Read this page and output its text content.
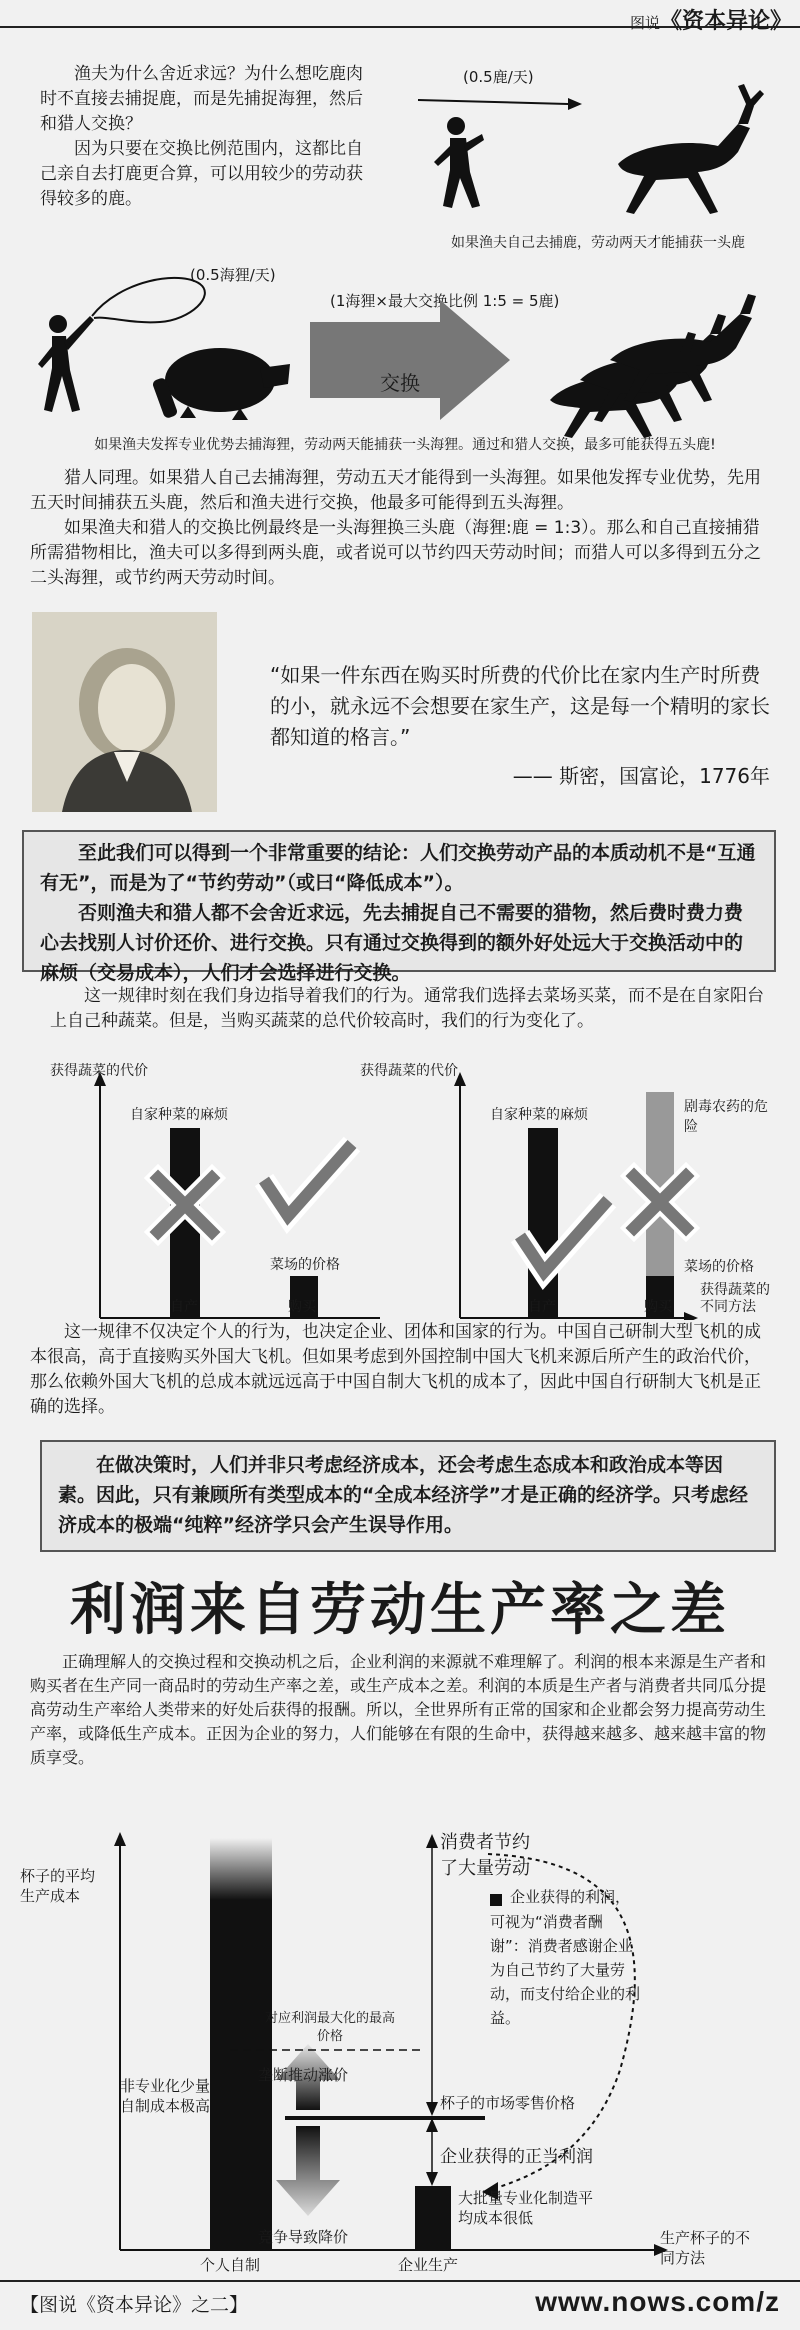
图说《资本异论》

渔夫为什么舍近求远？为什么想吃鹿肉时不直接去捕捉鹿，而是先捕捉海狸，然后和猎人交换？

因为只要在交换比例范围内，这都比自己亲自去打鹿更合算，可以用较少的劳动获得较多的鹿。

(0.5鹿/天)
如果渔夫自己去捕鹿，劳动两天才能捕获一头鹿
(0.5海狸/天)
(1海狸×最大交换比例 1:5 = 5鹿)
交换
如果渔夫发挥专业优势去捕海狸，劳动两天能捕获一头海狸。通过和猎人交换，最多可能获得五头鹿!

猎人同理。如果猎人自己去捕海狸，劳动五天才能得到一头海狸。如果他发挥专业优势，先用五天时间捕获五头鹿，然后和渔夫进行交换，他最多可能得到五头海狸。

如果渔夫和猎人的交换比例最终是一头海狸换三头鹿（海狸:鹿 = 1:3）。那么和自己直接捕猎所需猎物相比，渔夫可以多得到两头鹿，或者说可以节约四天劳动时间；而猎人可以多得到五分之二头海狸，或节约两天劳动时间。

“如果一件东西在购买时所费的代价比在家内生产时所费的小，就永远不会想要在家生产，这是每一个精明的家长都知道的格言。”
—— 斯密，国富论，1776年

至此我们可以得到一个非常重要的结论：人们交换劳动产品的本质动机不是“互通有无”，而是为了“节约劳动”（或曰“降低成本”）。

否则渔夫和猎人都不会舍近求远，先去捕捉自己不需要的猎物，然后费时费力费心去找别人讨价还价、进行交换。只有通过交换得到的额外好处远大于交换活动中的麻烦（交易成本），人们才会选择进行交换。

这一规律时刻在我们身边指导着我们的行为。通常我们选择去菜场买菜，而不是在自家阳台上自己种蔬菜。但是，当购买蔬菜的总代价较高时，我们的行为变化了。

获得蔬菜的代价
自家种菜的麻烦
菜场的价格
自产	购买
获得蔬菜的代价
自家种菜的麻烦	剧毒农药的危险
菜场的价格
自产	购买
获得蔬菜的不同方法

这一规律不仅决定个人的行为，也决定企业、团体和国家的行为。中国自己研制大型飞机的成本很高，高于直接购买外国大飞机。但如果考虑到外国控制中国大飞机来源后所产生的政治代价，那么依赖外国大飞机的总成本就远远高于中国自制大飞机的成本了，因此中国自行研制大飞机是正确的选择。

在做决策时，人们并非只考虑经济成本，还会考虑生态成本和政治成本等因素。因此，只有兼顾所有类型成本的“全成本经济学”才是正确的经济学。只考虑经济成本的极端“纯粹”经济学只会产生误导作用。

利润来自劳动生产率之差

正确理解人的交换过程和交换动机之后，企业利润的来源就不难理解了。利润的根本来源是生产者和购买者在生产同一商品时的劳动生产率之差，或生产成本之差。利润的本质是生产者与消费者共同瓜分提高劳动生产率给人类带来的好处后获得的报酬。所以，全世界所有正常的国家和企业都会努力提高劳动生产率，或降低生产成本。正因为企业的努力，人们能够在有限的生命中，获得越来越多、越来越丰富的物质享受。

杯子的平均生产成本
消费者节约了大量劳动
企业获得的利润，
可视为“消费者酬谢”：消费者感谢企业为自己节约了大量劳动，而支付给企业的利益。
对应利润最大化的最高价格
垄断推动涨价
非专业化少量自制成本极高	杯子的市场零售价格
企业获得的正当利润
竞争导致降价
大批量专业化制造平均成本很低
个人自制	企业生产
生产杯子的不同方法
【图说《资本异论》之二】	www.nows.com/z
